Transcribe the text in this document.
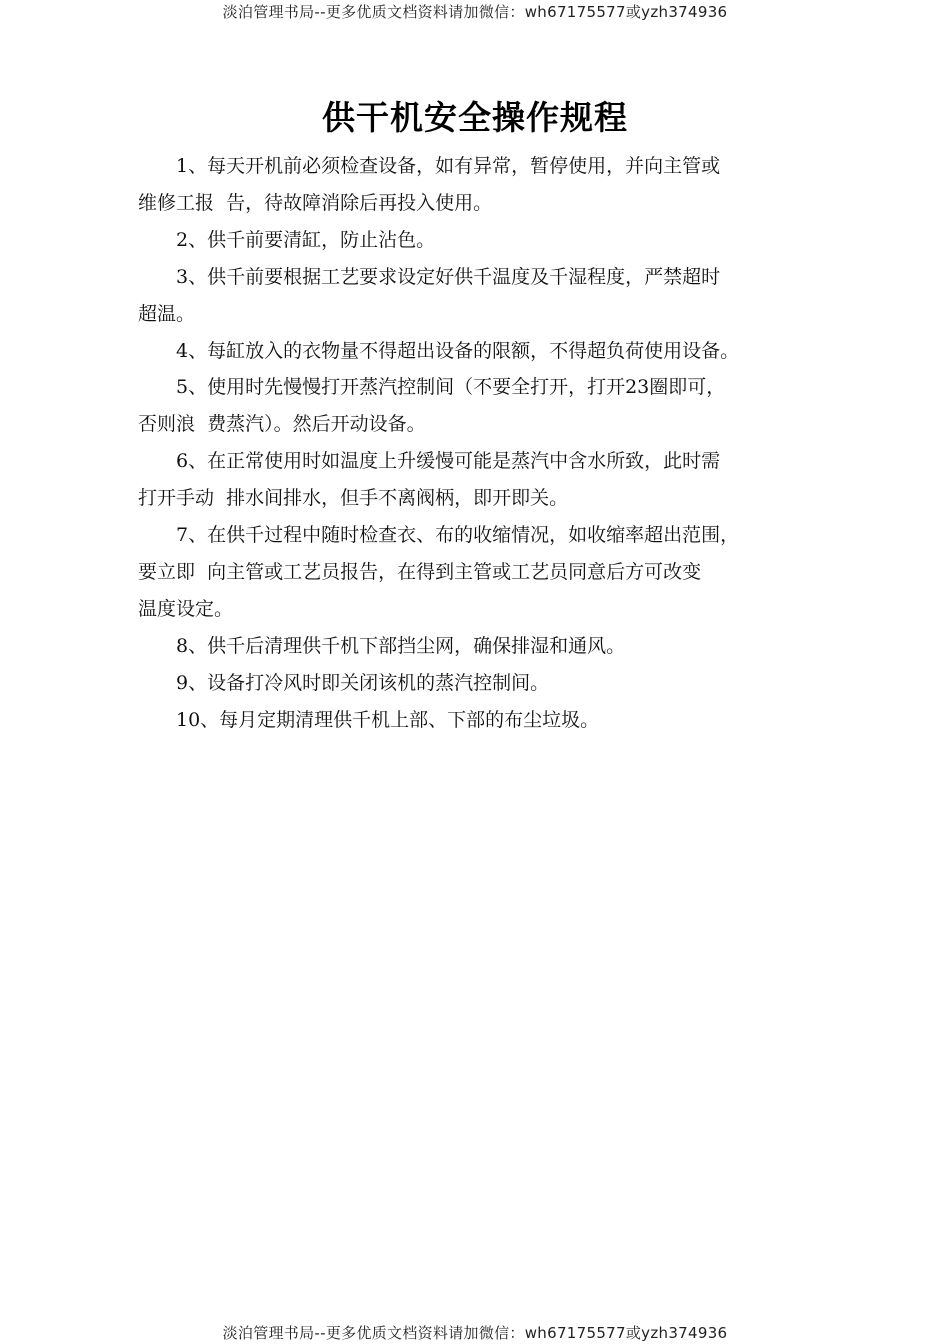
淡泊管理书局--更多优质文档资料请加微信：wh67175577或yzh374936
供干机安全操作规程

1、每天开机前必须检查设备，如有异常，暂停使用，并向主管或
维修工报  告，待故障消除后再投入使用。

2、供千前要清缸，防止沾色。

3、供千前要根据工艺要求设定好供千温度及千湿程度，严禁超时
超温。

4、每缸放入的衣物量不得超出设备的限额，不得超负荷使用设备。

5、使用时先慢慢打开蒸汽控制间（不要全打开，打开23圈即可，
否则浪  费蒸汽）。然后开动设备。

6、在正常使用时如温度上升缓慢可能是蒸汽中含水所致，此时需
打开手动  排水间排水，但手不离阀柄，即开即关。

7、在供千过程中随时检查衣、布的收缩情况，如收缩率超出范围，
要立即  向主管或工艺员报告，在得到主管或工艺员同意后方可改变
温度设定。

8、供千后清理供千机下部挡尘网，确保排湿和通风。

9、设备打冷风时即关闭该机的蒸汽控制间。

10、每月定期清理供千机上部、下部的布尘垃圾。

淡泊管理书局--更多优质文档资料请加微信：wh67175577或yzh374936
